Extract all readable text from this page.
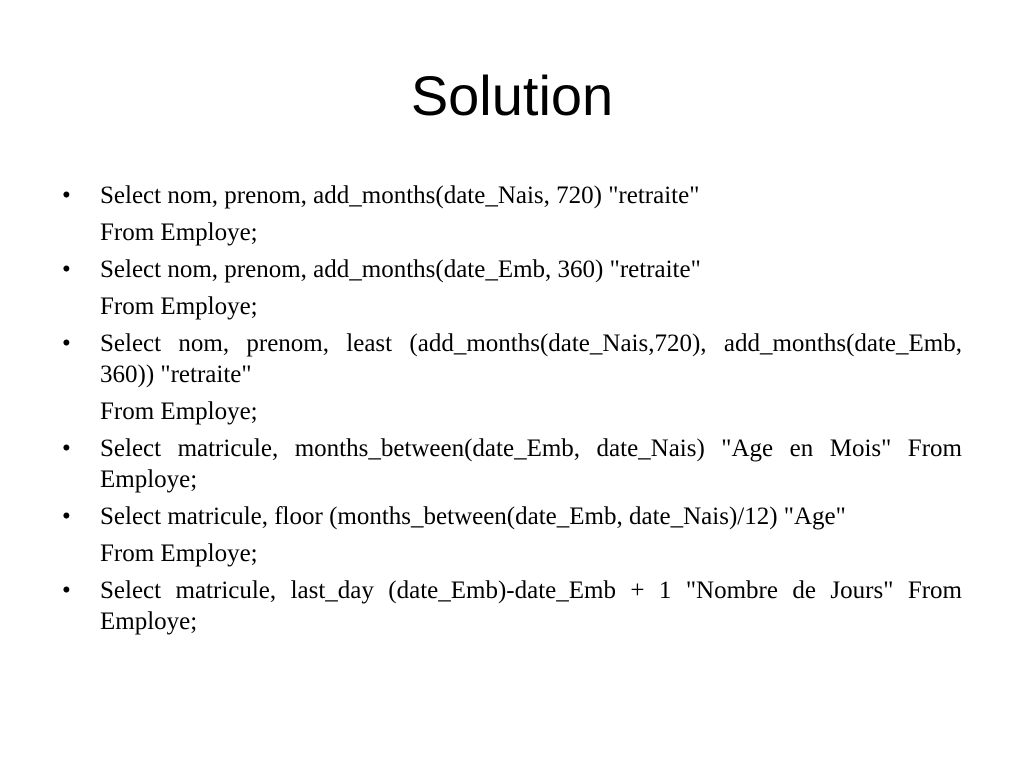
Solution
•	Select nom, prenom, add_months(date_Nais, 720) "retraite"
From Employe;
•	Select nom, prenom, add_months(date_Emb, 360) "retraite"
From Employe;
•	Select nom, prenom, least (add_months(date_Nais,720), add_months(date_Emb, 360)) "retraite"
From Employe;
•	Select matricule, months_between(date_Emb, date_Nais) "Age en Mois" From Employe;
•	Select matricule, floor (months_between(date_Emb, date_Nais)/12) "Age"
From Employe;
•	Select matricule, last_day (date_Emb)-date_Emb + 1 "Nombre de Jours" From Employe;
